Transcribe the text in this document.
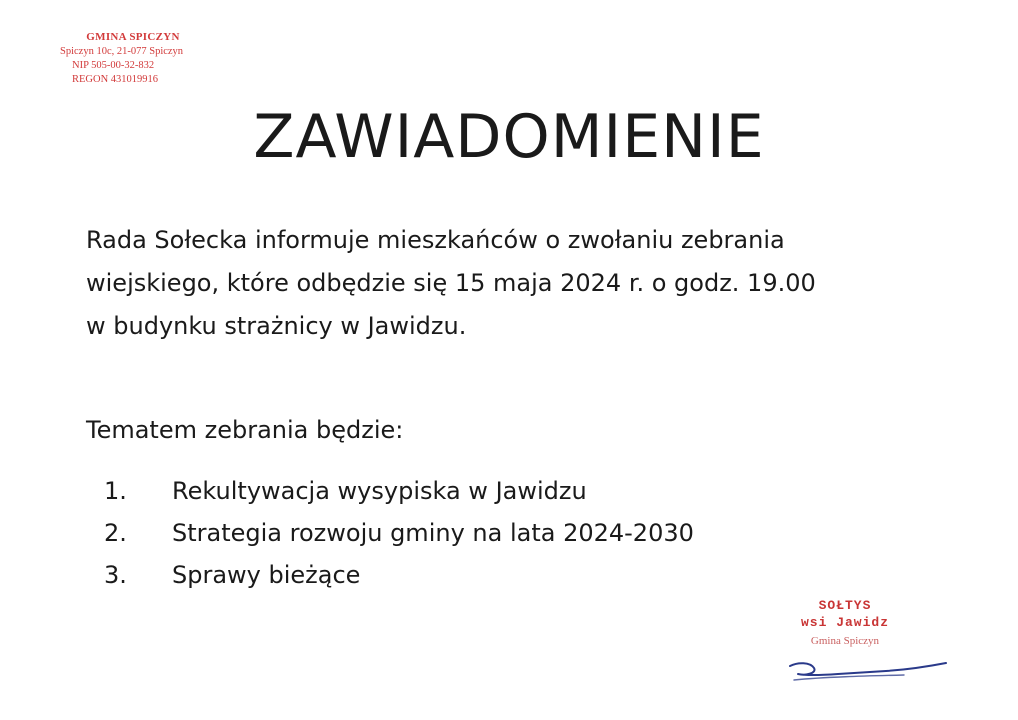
GMINA SPICZYN
Spiczyn 10c, 21-077 Spiczyn
NIP 505-00-32-832
REGON 431019916
ZAWIADOMIENIE
Rada Sołecka informuje mieszkańców o zwołaniu zebrania
wiejskiego, które odbędzie się 15 maja 2024 r. o godz. 19.00
w budynku strażnicy w Jawidzu.
Tematem zebrania będzie:
1. Rekultywacja wysypiska w Jawidzu
2. Strategia rozwoju gminy na lata 2024-2030
3. Sprawy bieżące
SOŁTYS
wsi Jawidz
Gmina Spiczyn
